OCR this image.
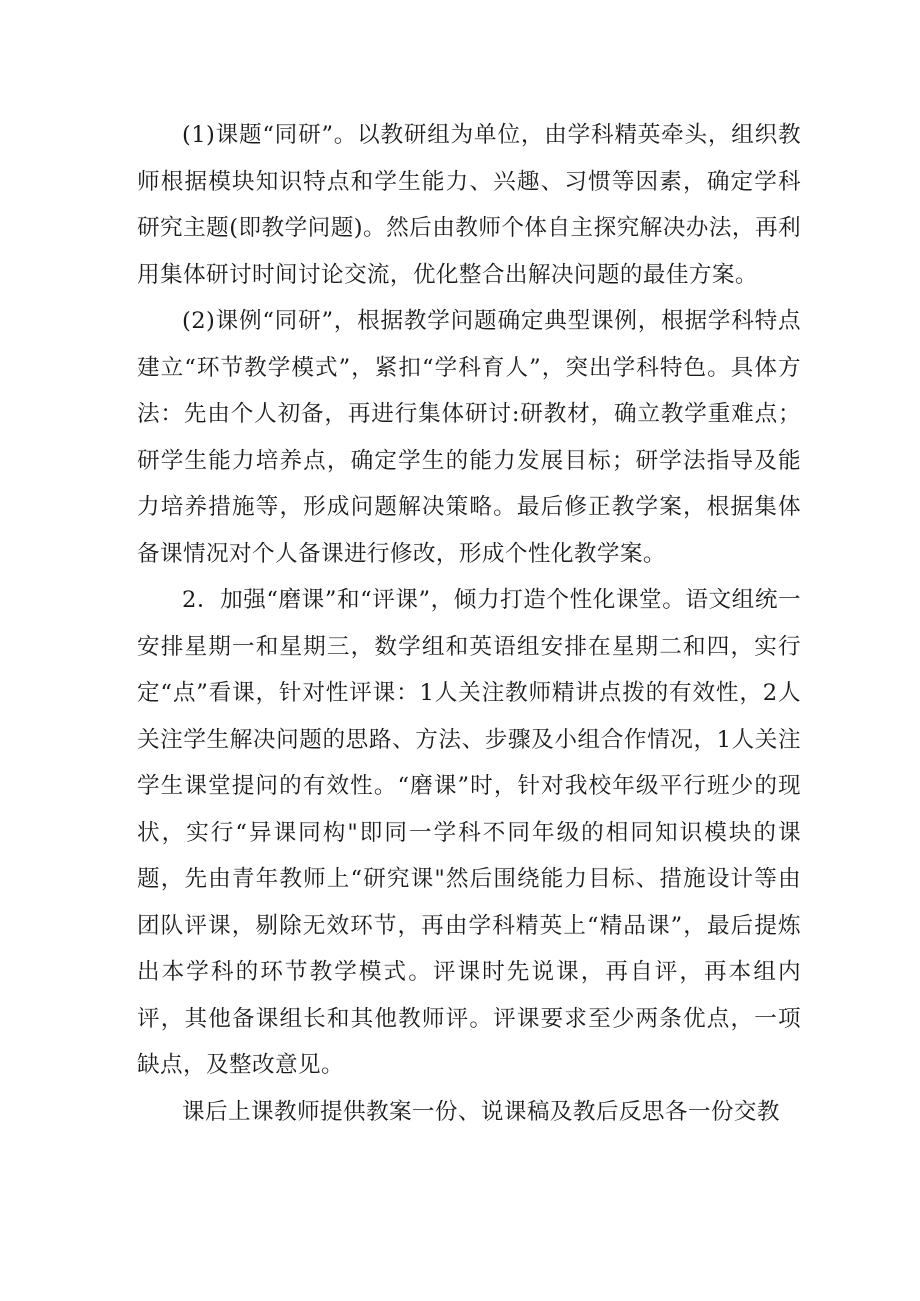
(1)课题“同研”。以教研组为单位，由学科精英牵头，组织教师根据模块知识特点和学生能力、兴趣、习惯等因素，确定学科研究主题(即教学问题)。然后由教师个体自主探究解决办法，再利用集体研讨时间讨论交流，优化整合出解决问题的最佳方案。

(2)课例“同研”，根据教学问题确定典型课例，根据学科特点建立“环节教学模式”，紧扣“学科育人”，突出学科特色。具体方法：先由个人初备，再进行集体研讨:研教材，确立教学重难点；研学生能力培养点，确定学生的能力发展目标；研学法指导及能力培养措施等，形成问题解决策略。最后修正教学案，根据集体备课情况对个人备课进行修改，形成个性化教学案。

2．加强“磨课”和“评课”，倾力打造个性化课堂。语文组统一安排星期一和星期三，数学组和英语组安排在星期二和四，实行定“点”看课，针对性评课：1人关注教师精讲点拨的有效性，2人关注学生解决问题的思路、方法、步骤及小组合作情况，1人关注学生课堂提问的有效性。“磨课”时，针对我校年级平行班少的现状，实行“异课同构"即同一学科不同年级的相同知识模块的课题，先由青年教师上“研究课"然后围绕能力目标、措施设计等由团队评课，剔除无效环节，再由学科精英上“精品课”，最后提炼出本学科的环节教学模式。评课时先说课，再自评，再本组内评，其他备课组长和其他教师评。评课要求至少两条优点，一项缺点，及整改意见。

课后上课教师提供教案一份、说课稿及教后反思各一份交教
